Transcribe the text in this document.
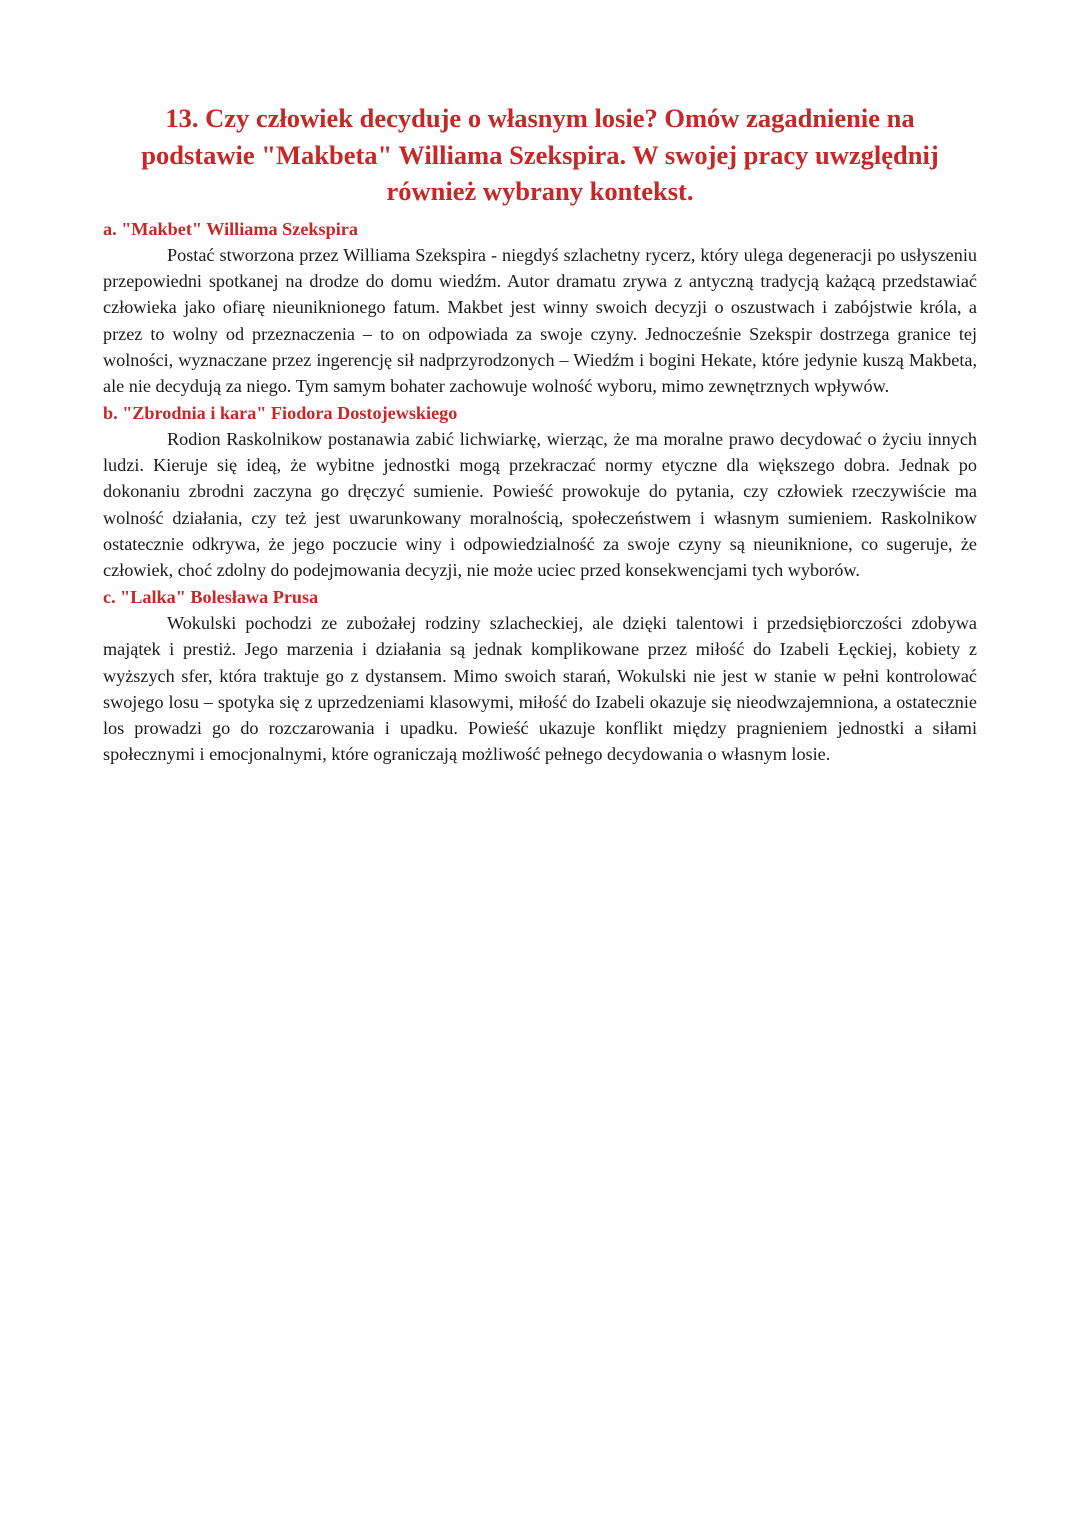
13. Czy człowiek decyduje o własnym losie? Omów zagadnienie na podstawie "Makbeta" Williama Szekspira. W swojej pracy uwzględnij również wybrany kontekst.
a. "Makbet" Williama Szekspira

Postać stworzona przez Williama Szekspira - niegdyś szlachetny rycerz, który ulega degeneracji po usłyszeniu przepowiedni spotkanej na drodze do domu wiedźm. Autor dramatu zrywa z antyczną tradycją każącą przedstawiać człowieka jako ofiarę nieuniknionego fatum. Makbet jest winny swoich decyzji o oszustwach i zabójstwie króla, a przez to wolny od przeznaczenia – to on odpowiada za swoje czyny. Jednocześnie Szekspir dostrzega granice tej wolności, wyznaczane przez ingerencję sił nadprzyrodzonych – Wiedźm i bogini Hekate, które jedynie kuszą Makbeta, ale nie decydują za niego. Tym samym bohater zachowuje wolność wyboru, mimo zewnętrznych wpływów.

b. "Zbrodnia i kara" Fiodora Dostojewskiego

Rodion Raskolnikow postanawia zabić lichwiarkę, wierząc, że ma moralne prawo decydować o życiu innych ludzi. Kieruje się ideą, że wybitne jednostki mogą przekraczać normy etyczne dla większego dobra. Jednak po dokonaniu zbrodni zaczyna go dręczyć sumienie. Powieść prowokuje do pytania, czy człowiek rzeczywiście ma wolność działania, czy też jest uwarunkowany moralnością, społeczeństwem i własnym sumieniem. Raskolnikow ostatecznie odkrywa, że jego poczucie winy i odpowiedzialność za swoje czyny są nieuniknione, co sugeruje, że człowiek, choć zdolny do podejmowania decyzji, nie może uciec przed konsekwencjami tych wyborów.

c. "Lalka" Bolesława Prusa

Wokulski pochodzi ze zubożałej rodziny szlacheckiej, ale dzięki talentowi i przedsiębiorczości zdobywa majątek i prestiż. Jego marzenia i działania są jednak komplikowane przez miłość do Izabeli Łęckiej, kobiety z wyższych sfer, która traktuje go z dystansem. Mimo swoich starań, Wokulski nie jest w stanie w pełni kontrolować swojego losu – spotyka się z uprzedzeniami klasowymi, miłość do Izabeli okazuje się nieodwzajemniona, a ostatecznie los prowadzi go do rozczarowania i upadku. Powieść ukazuje konflikt między pragnieniem jednostki a siłami społecznymi i emocjonalnymi, które ograniczają możliwość pełnego decydowania o własnym losie.
